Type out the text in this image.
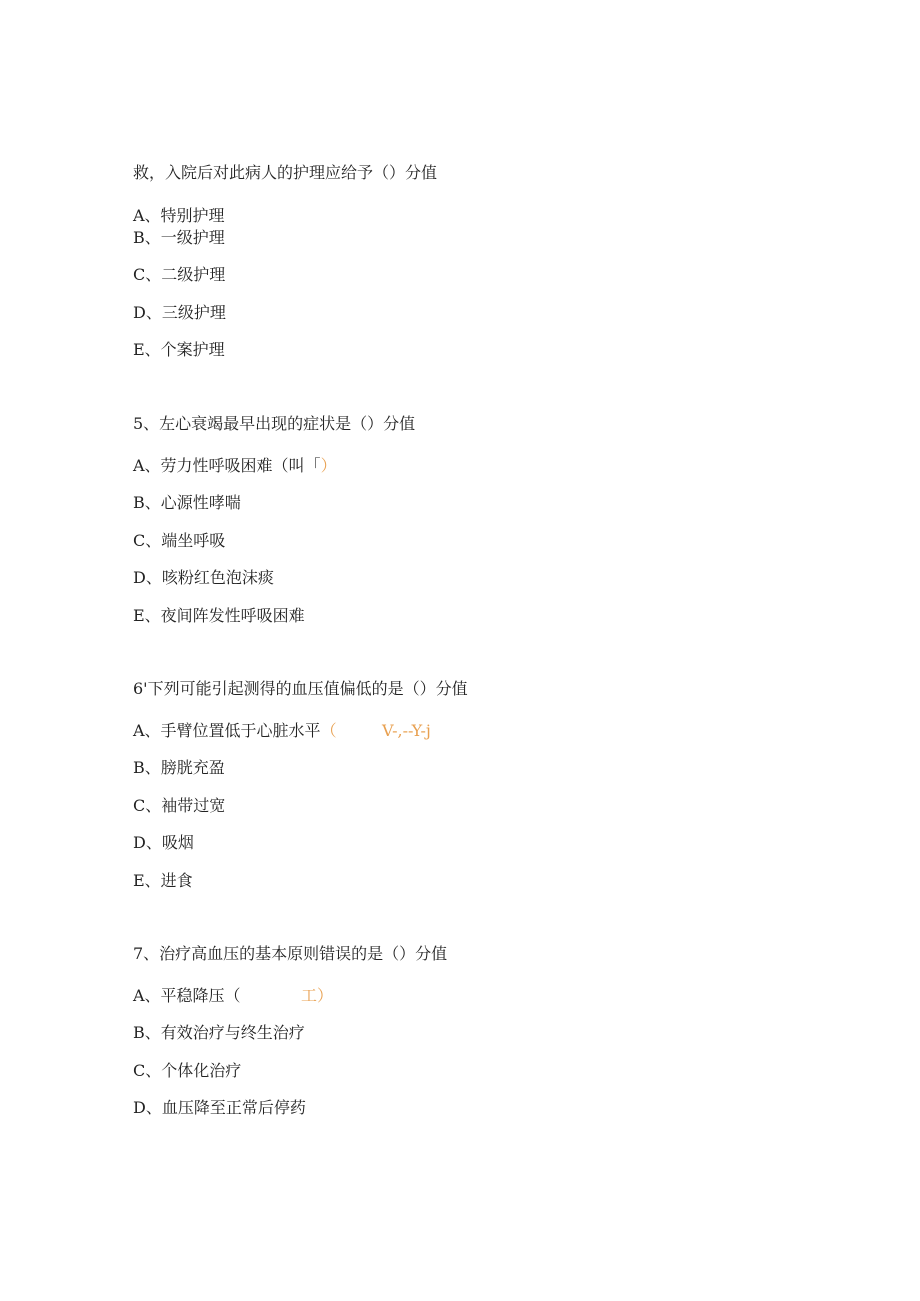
救，入院后对此病人的护理应给予（）分值
A、特别护理
B、一级护理
C、二级护理
D、三级护理
E、个案护理
5、左心衰竭最早出现的症状是（）分值
A、劳力性呼吸困难（叫「）
B、心源性哮喘
C、端坐呼吸
D、咳粉红色泡沫痰
E、夜间阵发性呼吸困难
6'下列可能引起测得的血压值偏低的是（）分值
A、手臂位置低于心脏水平（	V-,--Y-j
B、膀胱充盈
C、袖带过宽
D、吸烟
E、进食
7、治疗高血压的基本原则错误的是（）分值
A、平稳降压（	工）
B、有效治疗与终生治疗
C、个体化治疗
D、血压降至正常后停药
